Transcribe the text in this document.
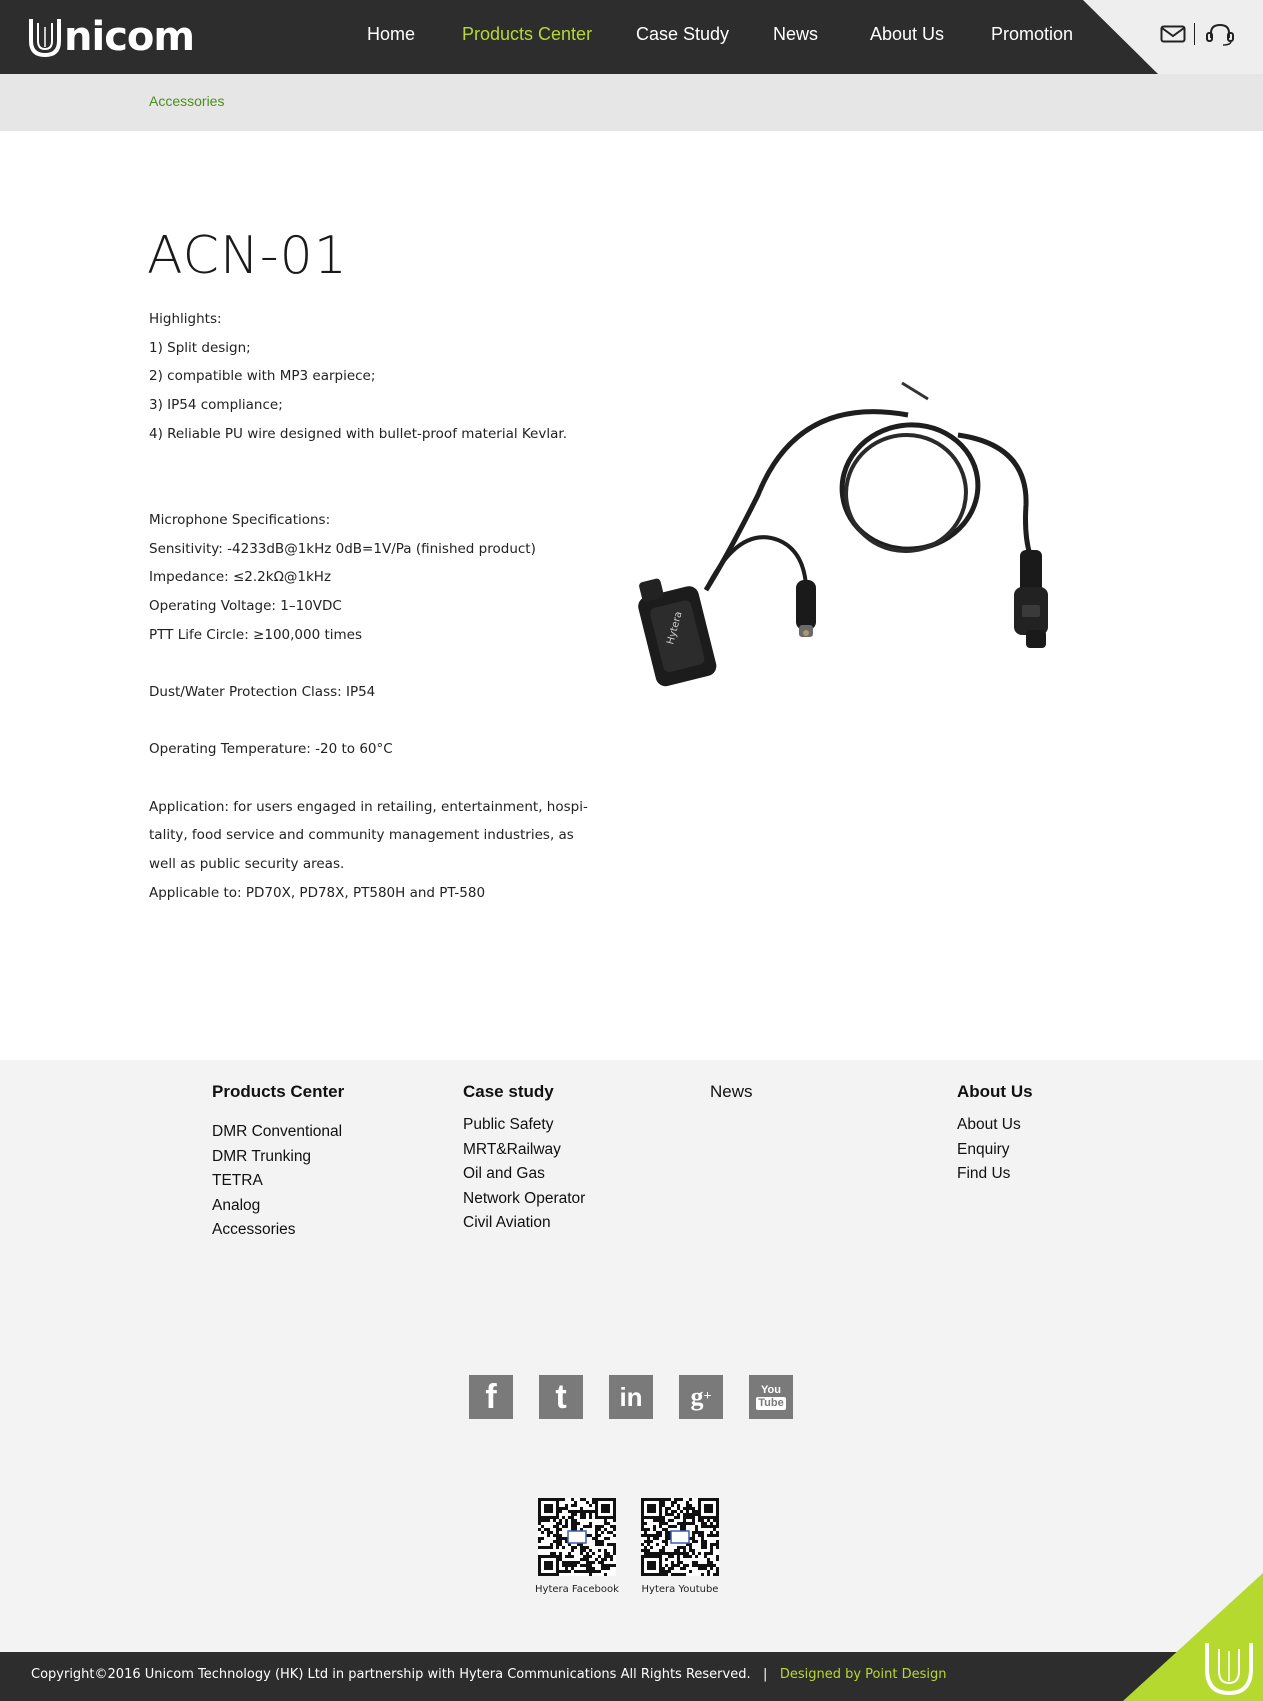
nicom	Home	Products Center Case Study News	About Us	Promotion
Accessories
ACN-01
Highlights:
1) Split design;
2) compatible with MP3 earpiece;
3) IP54 compliance;
4) Reliable PU wire designed with bullet-proof material Kevlar.
Microphone Specifications:
Sensitivity: -4233dB@1kHz 0dB=1V/Pa (finished product)
Impedance: ≤2.2kΩ@1kHz
Operating Voltage: 1–10VDC
PTT Life Circle: ≥100,000 times
Dust/Water Protection Class: IP54
Operating Temperature: -20 to 60°C
Application: for users engaged in retailing, entertainment, hospi-
tality, food service and community management industries, as
well as public security areas.
Applicable to: PD70X, PD78X, PT580H and PT-580
Hytera
Products Center
DMR Conventional
DMR Trunking
TETRA
Analog
Accessories
Case study
Public Safety
MRT&Railway
Oil and Gas
Network Operator
Civil Aviation
News	About Us
About Us
Enquiry
Find Us
f	t	in	g +	You
Tube
Hytera Facebook Hytera Youtube
Copyright©2016 Unicom Technology (HK) Ltd in partnership with Hytera Communications All Rights Reserved. | Designed by Point Design
